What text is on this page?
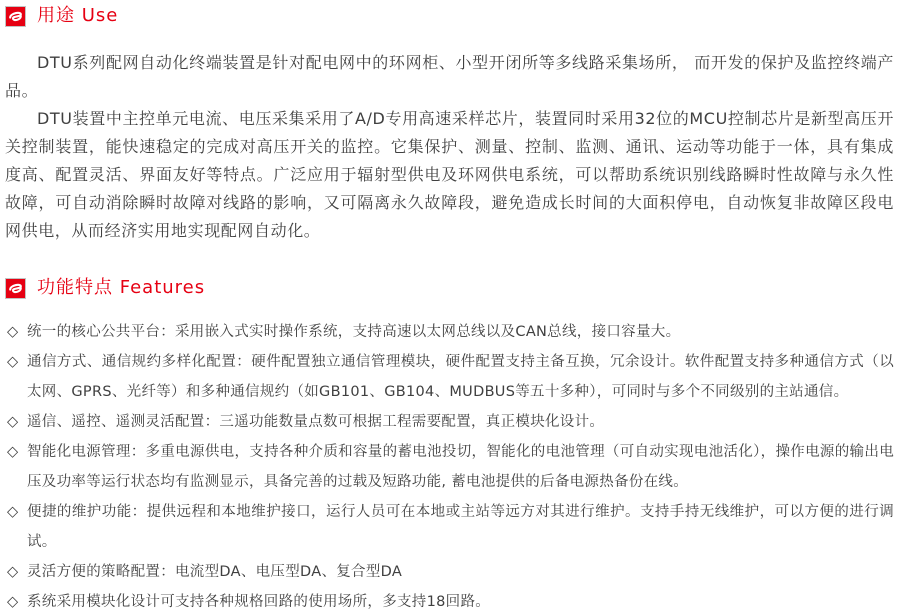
用途 Use

DTU系列配网自动化终端装置是针对配电网中的环网柜、小型开闭所等多线路采集场所， 而开发的保护及监控终端产品。

DTU装置中主控单元电流、电压采集采用了A/D专用高速采样芯片，装置同时采用32位的MCU控制芯片是新型高压开关控制装置，能快速稳定的完成对高压开关的监控。它集保护、测量、控制、监测、通讯、运动等功能于一体，具有集成度高、配置灵活、界面友好等特点。广泛应用于辐射型供电及环网供电系统，可以帮助系统识别线路瞬时性故障与永久性故障，可自动消除瞬时故障对线路的影响，又可隔离永久故障段，避免造成长时间的大面积停电，自动恢复非故障区段电网供电，从而经济实用地实现配网自动化。

功能特点 Features
◇ 统一的核心公共平台：采用嵌入式实时操作系统，支持高速以太网总线以及CAN总线，接口容量大。
◇ 通信方式、通信规约多样化配置：硬件配置独立通信管理模块，硬件配置支持主备互换，冗余设计。软件配置支持多种通信方式（以太网、GPRS、光纤等）和多种通信规约（如GB101、GB104、MUDBUS等五十多种），可同时与多个不同级别的主站通信。
◇ 遥信、遥控、遥测灵活配置：三遥功能数量点数可根据工程需要配置，真正模块化设计。
◇ 智能化电源管理：多重电源供电，支持各种介质和容量的蓄电池投切，智能化的电池管理（可自动实现电池活化），操作电源的输出电压及功率等运行状态均有监测显示，具备完善的过载及短路功能, 蓄电池提供的后备电源热备份在线。
◇ 便捷的维护功能：提供远程和本地维护接口，运行人员可在本地或主站等远方对其进行维护。支持手持无线维护，可以方便的进行调试。
◇ 灵活方便的策略配置：电流型DA、电压型DA、复合型DA
◇ 系统采用模块化设计可支持各种规格回路的使用场所，多支持18回路。
